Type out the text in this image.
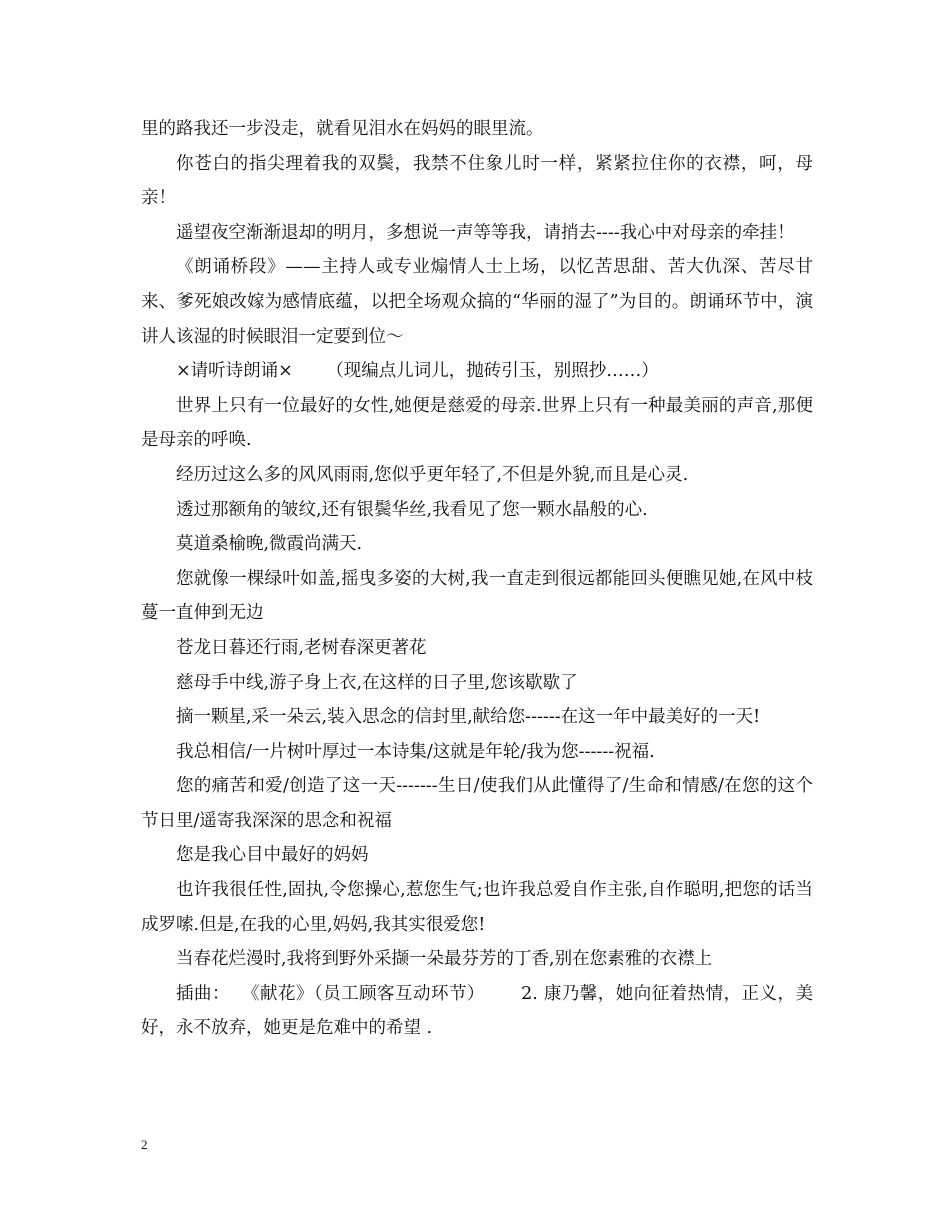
里的路我还一步没走，就看见泪水在妈妈的眼里流。

你苍白的指尖理着我的双鬓，我禁不住象儿时一样，紧紧拉住你的衣襟，呵，母亲！

遥望夜空渐渐退却的明月，多想说一声等等我，请捎去----我心中对母亲的牵挂！

《朗诵桥段》——主持人或专业煽情人士上场，以忆苦思甜、苦大仇深、苦尽甘来、爹死娘改嫁为感情底蕴，以把全场观众搞的“华丽的湿了”为目的。朗诵环节中，演讲人该湿的时候眼泪一定要到位～

×请听诗朗诵×      （现编点儿词儿，抛砖引玉，别照抄……）

世界上只有一位最好的女性,她便是慈爱的母亲.世界上只有一种最美丽的声音,那便是母亲的呼唤.

经历过这么多的风风雨雨,您似乎更年轻了,不但是外貌,而且是心灵.

透过那额角的皱纹,还有银鬓华丝,我看见了您一颗水晶般的心.

莫道桑榆晚,微霞尚满天.

您就像一棵绿叶如盖,摇曳多姿的大树,我一直走到很远都能回头便瞧见她,在风中枝蔓一直伸到无边

苍龙日暮还行雨,老树春深更著花

慈母手中线,游子身上衣,在这样的日子里,您该歇歇了

摘一颗星,采一朵云,装入思念的信封里,献给您------在这一年中最美好的一天!

我总相信/一片树叶厚过一本诗集/这就是年轮/我为您------祝福.

您的痛苦和爱/创造了这一天-------生日/使我们从此懂得了/生命和情感/在您的这个节日里/遥寄我深深的思念和祝福

您是我心目中最好的妈妈

也许我很任性,固执,令您操心,惹您生气;也许我总爱自作主张,自作聪明,把您的话当成罗嗦.但是,在我的心里,妈妈,我其实很爱您!

当春花烂漫时,我将到野外采撷一朵最芬芳的丁香,别在您素雅的衣襟上

插曲：  《献花》（员工顾客互动环节）      2. 康乃馨，她向征着热情，正义，美好，永不放弃，她更是危难中的希望 .

2
